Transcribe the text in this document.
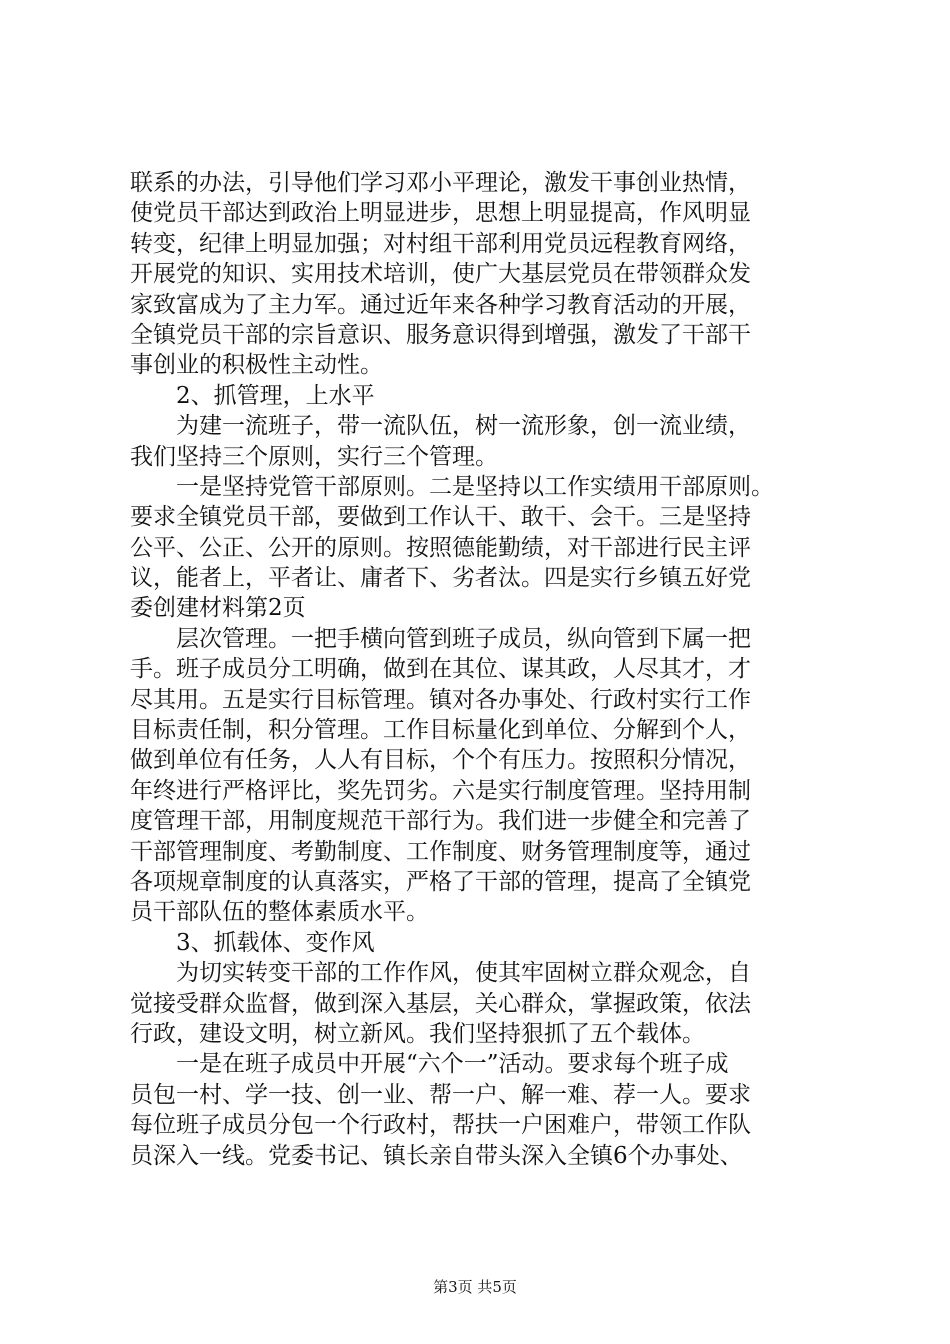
联系的办法，引导他们学习邓小平理论，激发干事创业热情，
使党员干部达到政治上明显进步，思想上明显提高，作风明显
转变，纪律上明显加强；对村组干部利用党员远程教育网络，
开展党的知识、实用技术培训，使广大基层党员在带领群众发
家致富成为了主力军。通过近年来各种学习教育活动的开展，
全镇党员干部的宗旨意识、服务意识得到增强，激发了干部干
事创业的积极性主动性。
　　2、抓管理，上水平
　　为建一流班子，带一流队伍，树一流形象，创一流业绩，
我们坚持三个原则，实行三个管理。
　　一是坚持党管干部原则。二是坚持以工作实绩用干部原则。
要求全镇党员干部，要做到工作认干、敢干、会干。三是坚持
公平、公正、公开的原则。按照德能勤绩，对干部进行民主评
议，能者上，平者让、庸者下、劣者汰。四是实行乡镇五好党
委创建材料第2页
　　层次管理。一把手横向管到班子成员，纵向管到下属一把
手。班子成员分工明确，做到在其位、谋其政，人尽其才，才
尽其用。五是实行目标管理。镇对各办事处、行政村实行工作
目标责任制，积分管理。工作目标量化到单位、分解到个人，
做到单位有任务，人人有目标，个个有压力。按照积分情况，
年终进行严格评比，奖先罚劣。六是实行制度管理。坚持用制
度管理干部，用制度规范干部行为。我们进一步健全和完善了
干部管理制度、考勤制度、工作制度、财务管理制度等，通过
各项规章制度的认真落实，严格了干部的管理，提高了全镇党
员干部队伍的整体素质水平。
　　3、抓载体、变作风
　　为切实转变干部的工作作风，使其牢固树立群众观念，自
觉接受群众监督，做到深入基层，关心群众，掌握政策，依法
行政，建设文明，树立新风。我们坚持狠抓了五个载体。
　　一是在班子成员中开展“六个一”活动。要求每个班子成
员包一村、学一技、创一业、帮一户、解一难、荐一人。要求
每位班子成员分包一个行政村，帮扶一户困难户，带领工作队
员深入一线。党委书记、镇长亲自带头深入全镇6个办事处、
第3页 共5页
